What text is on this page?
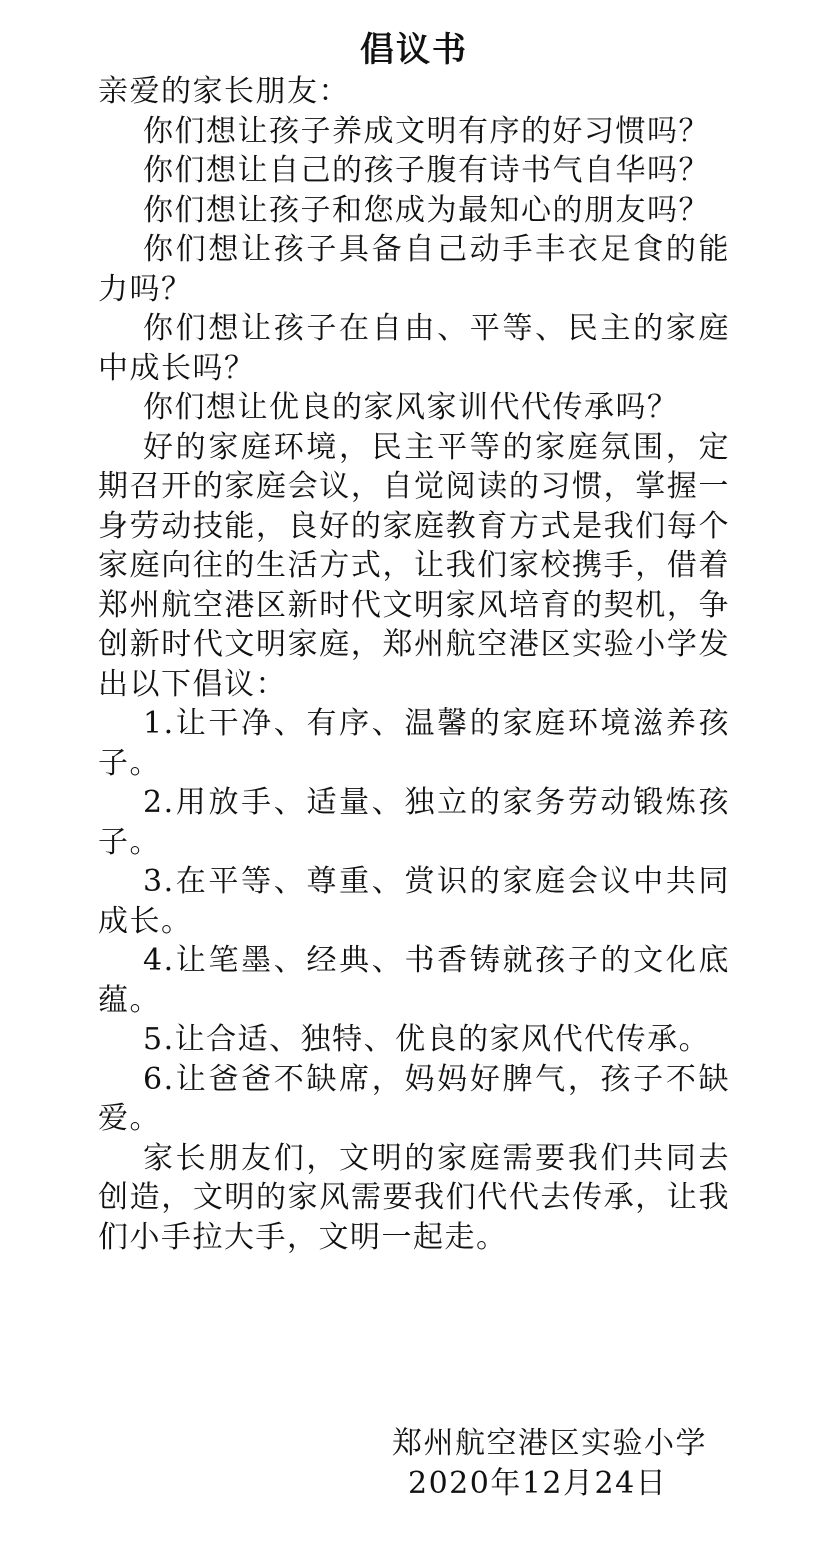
倡议书

亲爱的家长朋友：

你们想让孩子养成文明有序的好习惯吗？

你们想让自己的孩子腹有诗书气自华吗？

你们想让孩子和您成为最知心的朋友吗？

你们想让孩子具备自己动手丰衣足食的能力吗？

你们想让孩子在自由、平等、民主的家庭中成长吗？

你们想让优良的家风家训代代传承吗？

好的家庭环境，民主平等的家庭氛围，定期召开的家庭会议，自觉阅读的习惯，掌握一身劳动技能，良好的家庭教育方式是我们每个家庭向往的生活方式，让我们家校携手，借着郑州航空港区新时代文明家风培育的契机，争创新时代文明家庭，郑州航空港区实验小学发出以下倡议：

1.让干净、有序、温馨的家庭环境滋养孩子。

2.用放手、适量、独立的家务劳动锻炼孩子。

3.在平等、尊重、赏识的家庭会议中共同成长。

4.让笔墨、经典、书香铸就孩子的文化底蕴。

5.让合适、独特、优良的家风代代传承。

6.让爸爸不缺席，妈妈好脾气，孩子不缺爱。

家长朋友们，文明的家庭需要我们共同去创造，文明的家风需要我们代代去传承，让我们小手拉大手，文明一起走。

郑州航空港区实验小学
2020年12月24日
